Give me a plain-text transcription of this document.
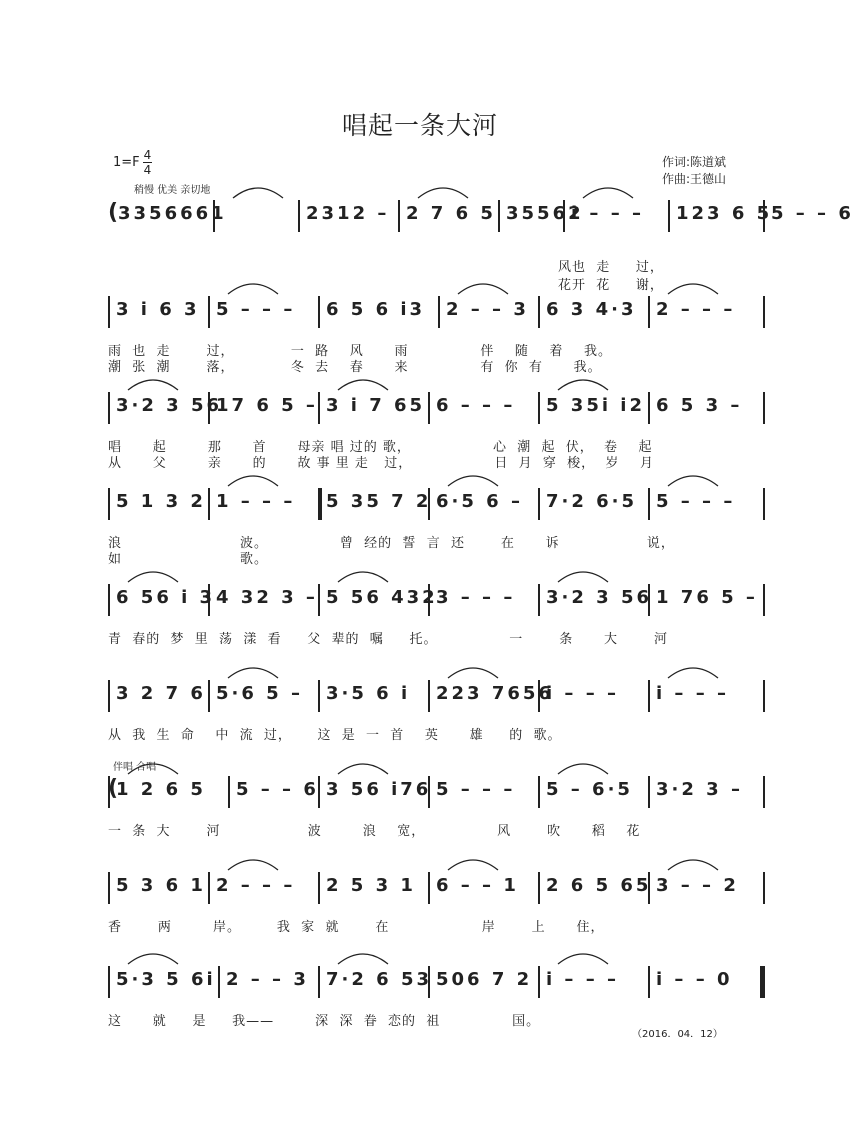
唱起一条大河
$1=F \frac{4}{4}$
稍慢 优美 亲切地
作词:陈道斌
作曲:王德山
伴唱 合唱
（2016．04．12）
( 3356661	2312 – 2 7 6 5 35562
i – – – 123 6 5
5 – – 6
风也  走     过，
花开  花     谢，
3 i 6 3 5 – – – 6 5 6 i3 2 – – 3 6 3 4·3 2 – – –
雨  也  走       过，           一  路    风      雨              伴    随    着    我。
潮  张  潮       落，           冬  去    春      来              有  你  有      我。
3·2 3 56
17 6 5 – 3 i 7 65 6 – – – 5 35i i2 6 5 3 –
唱      起        那      首      母亲 唱 过的 歌，                心  潮  起  伏，  卷    起
从      父        亲      的      故 事 里 走   过，                日  月  穿  梭，  岁    月
5 1 3 2 1 – – – 5 35 7 2 6·5 6 – 7·2 6·5 5 – – –
浪                       波。              曾  经的  誓  言  还       在      诉                 说，
如                       歌。
6 56 i 3 4 32 3 – 5 56 432
3 – – – 3·2 3 56 1 76 5 –
青  春的  梦  里  荡  漾  看     父  辈的  嘱     托。              一       条      大       河
3 2 7 6 5·6 5 – 3·5 6 i 223 7656
i – – – i – – –
从  我  生  命    中  流  过，     这  是  一  首    英      雄     的  歌。
(
1 2 6 5 5 – – 6 3 56 i76 5 – – – 5 – 6·5 3·2 3 –
一  条  大       河                 波        浪    宽，              风       吹      稻    花
5 3 6 1 2 – – – 2 5 3 1 6 – – 1 2 6 5 65 3 – – 2
香       两        岸。       我  家  就       在                  岸       上      住，
5·3 5 6i 2 – – 3 7·2 6 53 506 7 2 i – – – i – – 0
这      就     是     我——        深  深  眷  恋的  祖              国。
